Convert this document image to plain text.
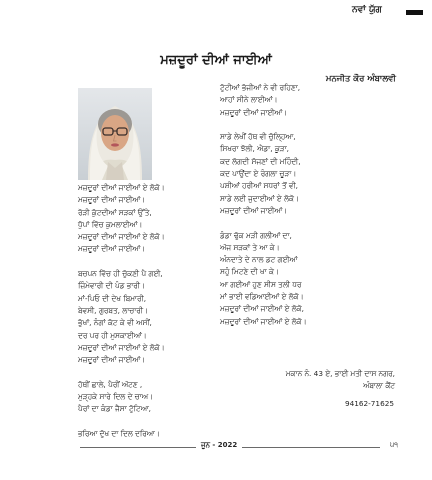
ਨਵਾਂ ਯੁੱਗ
ਮਜ਼ਦੂਰਾਂ ਦੀਆਂ ਜਾਈਆਂ
ਮਨਜੀਤ ਕੌਰ ਅੰਬਾਲਵੀ
ਮਜ਼ਦੂਰਾਂ ਦੀਆਂ ਜਾਈਆਂ ਏ ਲੋਕੋ।
ਮਜ਼ਦੂਰਾਂ ਦੀਆਂ ਜਾਈਆਂ।
ਰੋੜੀ ਕੁੱਟਦੀਆਂ ਸੜਕਾਂ ਉੱਤੇ,
ਧੁੱਪਾਂ ਵਿੱਚ ਕੁਮਲਾਈਆਂ।
ਮਜ਼ਦੂਰਾਂ ਦੀਆਂ ਜਾਈਆਂ ਏ ਲੋਕੋ।
ਮਜ਼ਦੂਰਾਂ ਦੀਆਂ ਜਾਈਆਂ।
ਬਚਪਨ ਵਿੱਚ ਹੀ ਚੁੱਕਣੀ ਪੈ ਗਈ,
ਜ਼ਿੰਮੇਵਾਰੀ ਦੀ ਪੰਡ ਭਾਰੀ।
ਮਾਂ-ਪਿਓ ਦੀ ਦੇਖ ਬਿਮਾਰੀ,
ਬੇਵਸੀ, ਗੁਰਬਤ, ਲਾਚਾਰੀ।
ਭੁੱਖਾਂ, ਨੰਗਾਂ ਕੱਟ ਕੇ ਵੀ ਅਸੀਂ,
ਦਰ ਪਰ ਹੀ ਮੁਸਕਾਈਆਂ।
ਮਜ਼ਦੂਰਾਂ ਦੀਆਂ ਜਾਈਆਂ ਏ ਲੋਕੋ।
ਮਜ਼ਦੂਰਾਂ ਦੀਆਂ ਜਾਈਆਂ।
ਹੱਥੀਂ ਛਾਲੇ, ਪੈਰੀਂ ਅੱਟਣ ,
ਮੁੜ੍ਹਕੇ ਸਾਰੇ ਦਿਲ ਦੇ ਚਾਅ।
ਪੈਰਾਂ ਦਾ ਕੰਡਾ ਜੈਸਾ ਟੁੱਟਿਆ,
ਭਰਿਆ ਦੁੱਖ ਦਾ ਦਿਲ ਦਰਿਆ।
ਟੁੱਟੀਆਂ ਭੱਜੀਆਂ ਨੇ ਵੀ ਰਹਿਣਾ,
ਆਹਾਂ ਸੀਨੇ ਲਾਈਆਂ।
ਮਜ਼ਦੂਰਾਂ ਦੀਆਂ ਜਾਈਆਂ।
ਸਾਡੇ ਲੇਖੀਂ ਹੱਥ ਵੀ ਚੁੱਲ੍ਹਿਆ,
ਸਿਖਰਾ ਝੋਲੀ, ਐਡਾ, ਕੂੜਾ,
ਕਦ ਲੱਗਦੀ ਸੱਜਣਾਂ ਦੀ ਮਹਿੰਦੀ,
ਕਦ ਪਾਉਂਦਾ ਏ ਰੰਗਲਾ ਚੂੜਾ।
ਪਸ਼ੀਆਂ ਹਰੀਆਂ ਸਧਰਾਂ ਤੋਂ ਵੀ,
ਸਾਡੇ ਲਈ ਜੁਦਾਈਆਂ ਏ ਲੋਕੋ।
ਮਜ਼ਦੂਰਾਂ ਦੀਆਂ ਜਾਈਆਂ।
ਡੰਡਾ ਢੁੱਕ ਮੜੀ ਗਲੀਆਂ ਦਾ,
ਅੱਜ ਸੜਕਾਂ ਤੇ ਆ ਕੇ।
ਅੰਨਦਾਤੇ ਦੇ ਨਾਲ ਡਟ ਗਈਆਂ
ਸਹੁੰ ਮਿਟਣੇ ਦੀ ਖਾ ਕੇ।
ਆ ਗਈਆਂ ਹੁਣ ਸੀਸ ਤਲੀ ਧਰ
ਮਾਂ ਭਾਈ ਵਡਿਆਈਆਂ ਏ ਲੋਕੋ।
ਮਜ਼ਦੂਰਾਂ ਦੀਆਂ ਜਾਈਆਂ ਏ ਲੋਕੋ,
ਮਜ਼ਦੂਰਾਂ ਦੀਆਂ ਜਾਈਆਂ ਏ ਲੋਕੋ।
ਮਕਾਨ ਨੰ. 43 ਏ, ਭਾਈ ਮਤੀ ਦਾਸ ਨਗਰ,
ਅੰਬਾਲਾ ਕੈਂਟ
94162-71625
ਜੂਨ - 2022	੫੧
